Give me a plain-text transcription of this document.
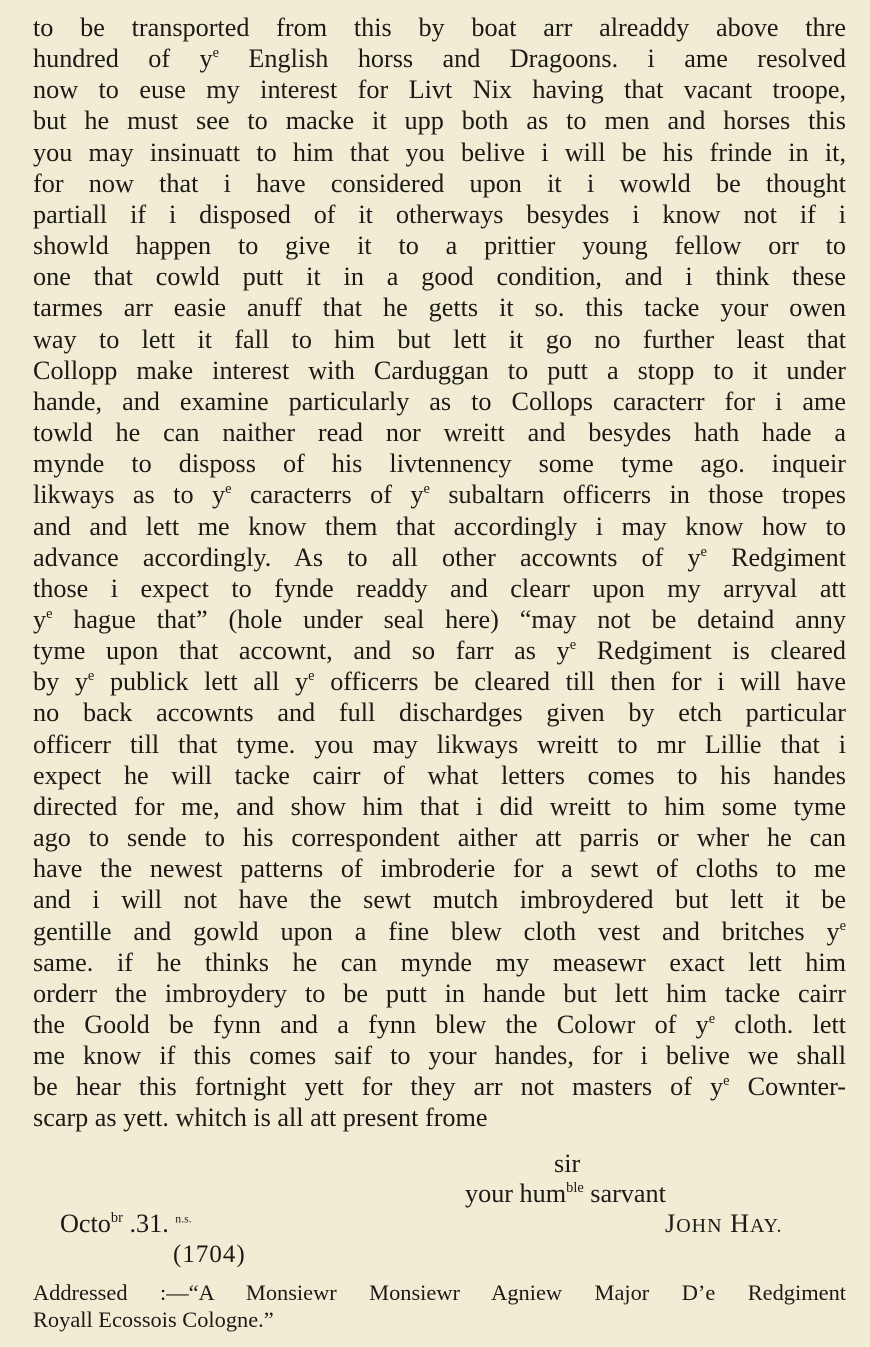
to be transported from this by boat arr alreaddy above thre
hundred of $y^e$ English horss and Dragoons. i ame resolved
now to euse my interest for Livt Nix having that vacant troope,
but he must see to macke it upp both as to men and horses this
you may insinuatt to him that you belive i will be his frinde in it,
for now that i have considered upon it i wowld be thought
partiall if i disposed of it otherways besydes i know not if i
showld happen to give it to a prittier young fellow orr to
one that cowld putt it in a good condition, and i think these
tarmes arr easie anuff that he getts it so. this tacke your owen
way to lett it fall to him but lett it go no further least that
Collopp make interest with Carduggan to putt a stopp to it under
hande, and examine particularly as to Collops caracterr for i ame
towld he can naither read nor wreitt and besydes hath hade a
mynde to disposs of his livtennency some tyme ago. inqueir
likways as to $y^e$ caracterrs of $y^e$ subaltarn officerrs in those tropes
and and lett me know them that accordingly i may know how to
advance accordingly. As to all other accownts of $y^e$ Redgiment
those i expect to fynde readdy and clearr upon my arryval att
$y^e$ hague that” (hole under seal here) “may not be detaind anny
tyme upon that accownt, and so farr as $y^e$ Redgiment is cleared
by $y^e$ publick lett all $y^e$ officerrs be cleared till then for i will have
no back accownts and full dischardges given by etch particular
officerr till that tyme. you may likways wreitt to mr Lillie that i
expect he will tacke cairr of what letters comes to his handes
directed for me, and show him that i did wreitt to him some tyme
ago to sende to his correspondent aither att parris or wher he can
have the newest patterns of imbroderie for a sewt of cloths to me
and i will not have the sewt mutch imbroydered but lett it be
gentille and gowld upon a fine blew cloth vest and britches $y^e$
same. if he thinks he can mynde my measewr exact lett him
orderr the imbroydery to be putt in hande but lett him tacke cairr
the Goold be fynn and a fynn blew the Colowr of $y^e$ cloth. lett
me know if this comes saif to your handes, for i belive we shall
be hear this fortnight yett for they arr not masters of $y^e$ Cownter-
scarp as yett. whitch is all att present frome
sir
your hum$^{ble}$ sarvant
Octo$^{br}$ .31. $^{n.s.}$	JOHN HAY.
(1704)
Addressed :—“A Monsiewr Monsiewr Agniew Major D’e Redgiment
Royall Ecossois Cologne.”
